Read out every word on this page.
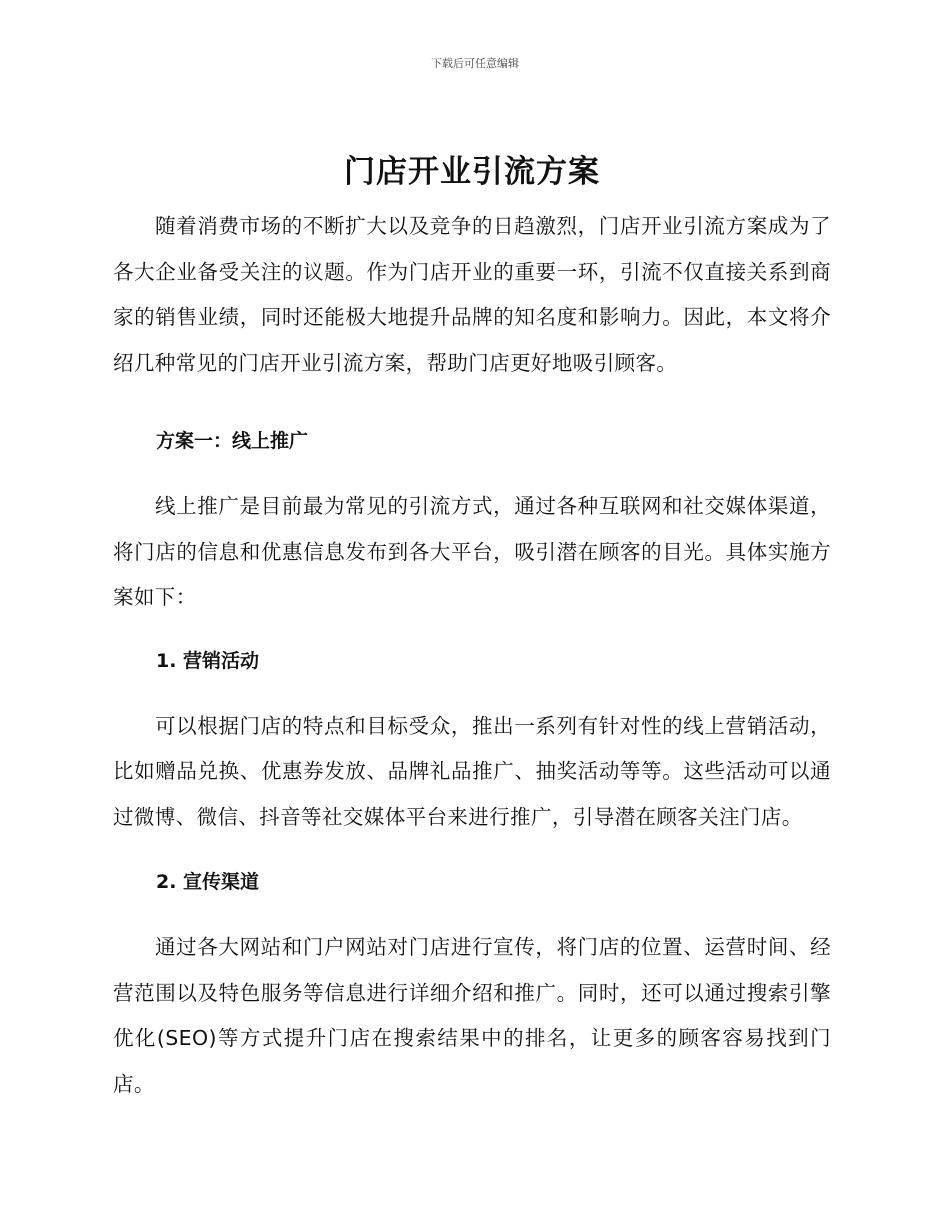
下载后可任意编辑
门店开业引流方案

随着消费市场的不断扩大以及竞争的日趋激烈，门店开业引流方案成为了各大企业备受关注的议题。作为门店开业的重要一环，引流不仅直接关系到商家的销售业绩，同时还能极大地提升品牌的知名度和影响力。因此，本文将介绍几种常见的门店开业引流方案，帮助门店更好地吸引顾客。

方案一：线上推广

线上推广是目前最为常见的引流方式，通过各种互联网和社交媒体渠道，将门店的信息和优惠信息发布到各大平台，吸引潜在顾客的目光。具体实施方案如下：

1. 营销活动

可以根据门店的特点和目标受众，推出一系列有针对性的线上营销活动，比如赠品兑换、优惠券发放、品牌礼品推广、抽奖活动等等。这些活动可以通过微博、微信、抖音等社交媒体平台来进行推广，引导潜在顾客关注门店。

2. 宣传渠道

通过各大网站和门户网站对门店进行宣传，将门店的位置、运营时间、经营范围以及特色服务等信息进行详细介绍和推广。同时，还可以通过搜索引擎优化(SEO)等方式提升门店在搜索结果中的排名，让更多的顾客容易找到门店。
